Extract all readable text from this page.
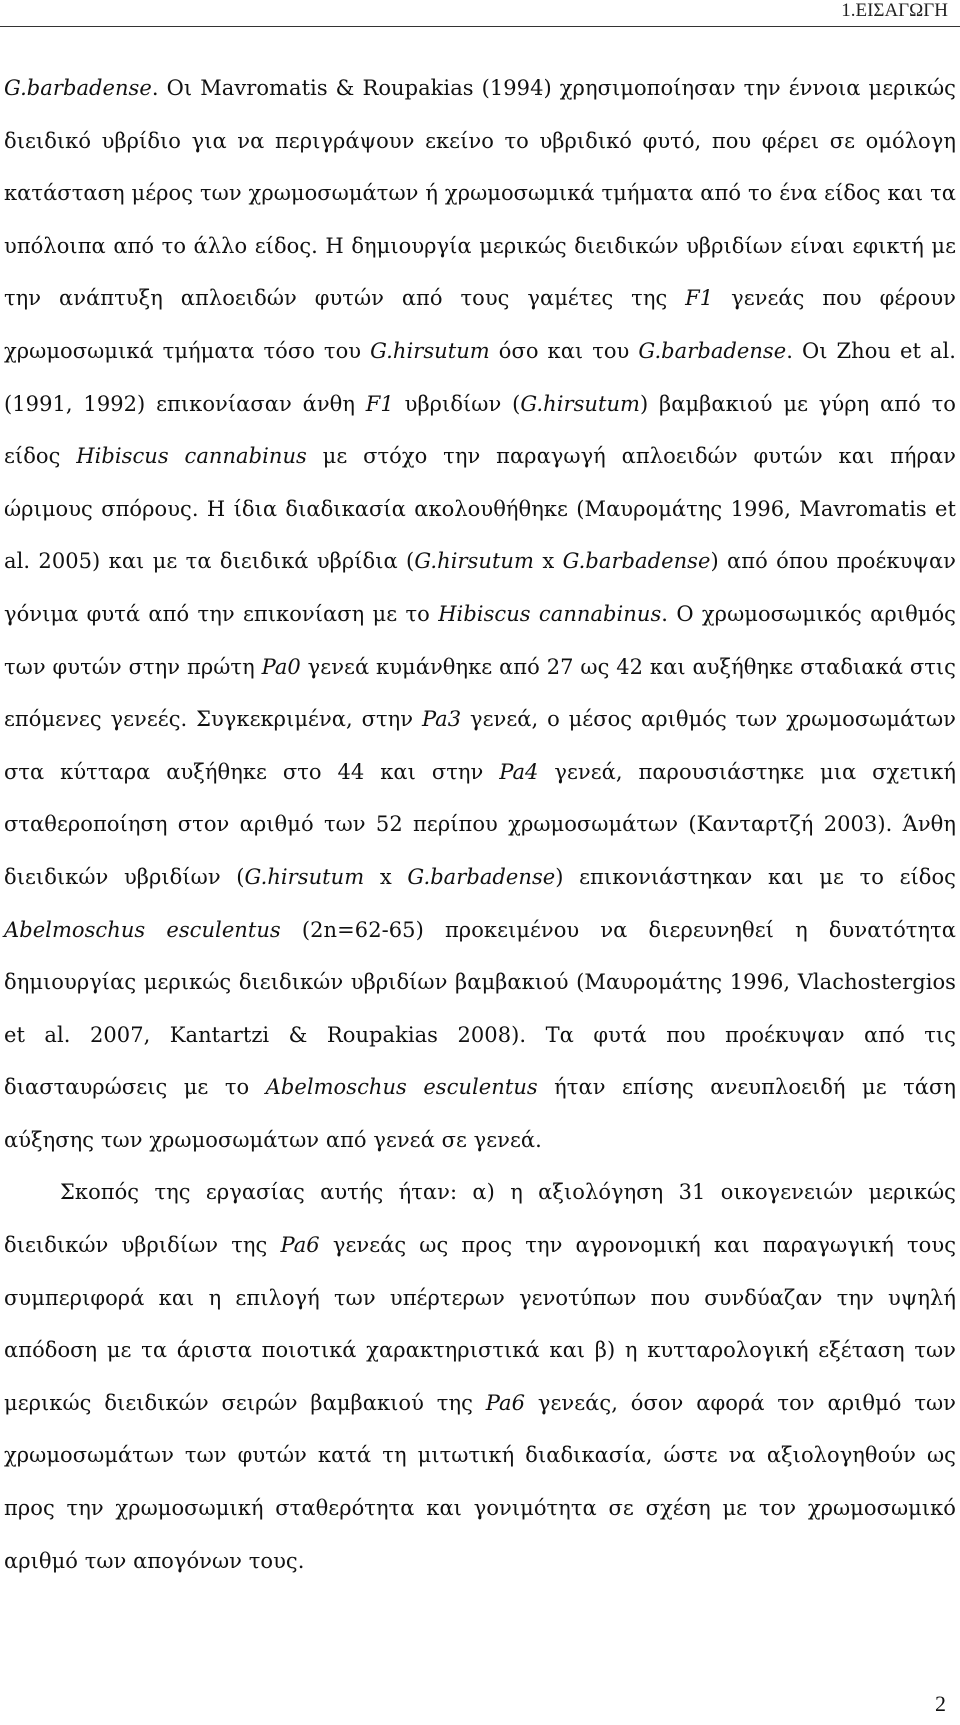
1.ΕΙΣΑΓΩΓΗ

G.barbadense. Οι Mavromatis & Roupakias (1994) χρησιμοποίησαν την έννοια μερικώς διειδικό υβρίδιο για να περιγράψουν εκείνο το υβριδικό φυτό, που φέρει σε ομόλογη κατάσταση μέρος των χρωμοσωμάτων ή χρωμοσωμικά τμήματα από το ένα είδος και τα υπόλοιπα από το άλλο είδος. Η δημιουργία μερικώς διειδικών υβριδίων είναι εφικτή με την ανάπτυξη απλοειδών φυτών από τους γαμέτες της F1 γενεάς που φέρουν χρωμοσωμικά τμήματα τόσο του G.hirsutum όσο και του G.barbadense. Οι Zhou et al. (1991, 1992) επικονίασαν άνθη F1 υβριδίων (G.hirsutum) βαμβακιού με γύρη από το είδος Hibiscus cannabinus με στόχο την παραγωγή απλοειδών φυτών και πήραν ώριμους σπόρους. Η ίδια διαδικασία ακολουθήθηκε (Μαυρομάτης 1996, Mavromatis et al. 2005) και με τα διειδικά υβρίδια (G.hirsutum x G.barbadense) από όπου προέκυψαν γόνιμα φυτά από την επικονίαση με το Hibiscus cannabinus. Ο χρωμοσωμικός αριθμός των φυτών στην πρώτη Pa0 γενεά κυμάνθηκε από 27 ως 42 και αυξήθηκε σταδιακά στις επόμενες γενεές. Συγκεκριμένα, στην Pa3 γενεά, ο μέσος αριθμός των χρωμοσωμάτων στα κύτταρα αυξήθηκε στο 44 και στην Pa4 γενεά, παρουσιάστηκε μια σχετική σταθεροποίηση στον αριθμό των 52 περίπου χρωμοσωμάτων (Κανταρτζή 2003). Άνθη διειδικών υβριδίων (G.hirsutum x G.barbadense) επικονιάστηκαν και με το είδος Abelmoschus esculentus (2n=62-65) προκειμένου να διερευνηθεί η δυνατότητα δημιουργίας μερικώς διειδικών υβριδίων βαμβακιού (Μαυρομάτης 1996, Vlachostergios et al. 2007, Kantartzi & Roupakias 2008). Τα φυτά που προέκυψαν από τις διασταυρώσεις με το Abelmoschus esculentus ήταν επίσης ανευπλοειδή με τάση αύξησης των χρωμοσωμάτων από γενεά σε γενεά.

Σκοπός της εργασίας αυτής ήταν: α) η αξιολόγηση 31 οικογενειών μερικώς διειδικών υβριδίων της Pa6 γενεάς ως προς την αγρονομική και παραγωγική τους συμπεριφορά και η επιλογή των υπέρτερων γενοτύπων που συνδύαζαν την υψηλή απόδοση με τα άριστα ποιοτικά χαρακτηριστικά και β) η κυτταρολογική εξέταση των μερικώς διειδικών σειρών βαμβακιού της Pa6 γενεάς, όσον αφορά τον αριθμό των χρωμοσωμάτων των φυτών κατά τη μιτωτική διαδικασία, ώστε να αξιολογηθούν ως προς την χρωμοσωμική σταθερότητα και γονιμότητα σε σχέση με τον χρωμοσωμικό αριθμό των απογόνων τους.

2
